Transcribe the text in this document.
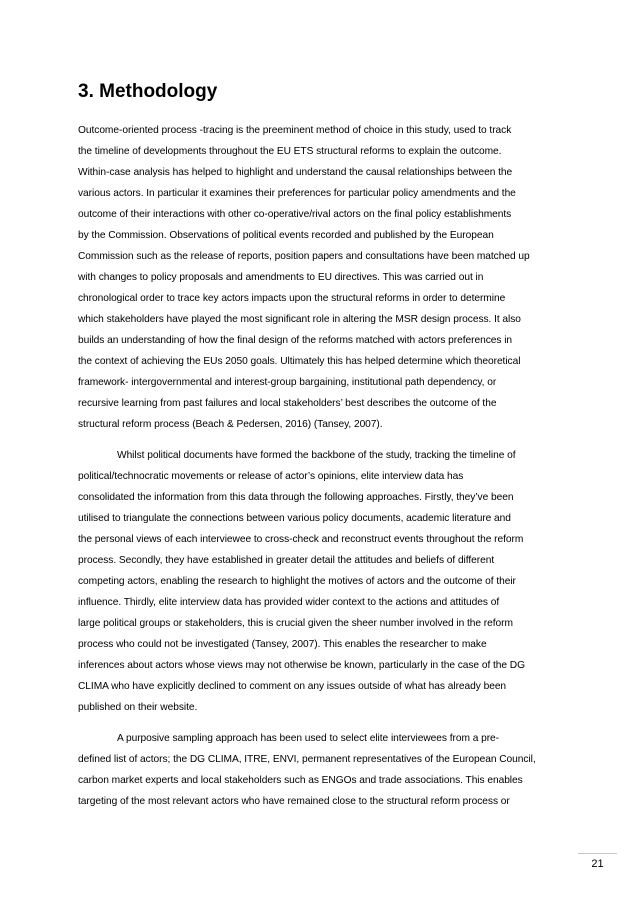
3. Methodology
Outcome-oriented process -tracing is the preeminent method of choice in this study, used to track
the timeline of developments throughout the EU ETS structural reforms to explain the outcome.
Within-case analysis has helped to highlight and understand the causal relationships between the
various actors. In particular it examines their preferences for particular policy amendments and the
outcome of their interactions with other co-operative/rival actors on the final policy establishments
by the Commission. Observations of political events recorded and published by the European
Commission such as the release of reports, position papers and consultations have been matched up
with changes to policy proposals and amendments to EU directives. This was carried out in
chronological order to trace key actors impacts upon the structural reforms in order to determine
which stakeholders have played the most significant role in altering the MSR design process. It also
builds an understanding of how the final design of the reforms matched with actors preferences in
the context of achieving the EUs 2050 goals. Ultimately this has helped determine which theoretical
framework- intergovernmental and interest-group bargaining, institutional path dependency, or
recursive learning from past failures and local stakeholders’ best describes the outcome of the
structural reform process (Beach & Pedersen, 2016) (Tansey, 2007).
Whilst political documents have formed the backbone of the study, tracking the timeline of
political/technocratic movements or release of actor’s opinions, elite interview data has
consolidated the information from this data through the following approaches. Firstly, they’ve been
utilised to triangulate the connections between various policy documents, academic literature and
the personal views of each interviewee to cross-check and reconstruct events throughout the reform
process. Secondly, they have established in greater detail the attitudes and beliefs of different
competing actors, enabling the research to highlight the motives of actors and the outcome of their
influence. Thirdly, elite interview data has provided wider context to the actions and attitudes of
large political groups or stakeholders, this is crucial given the sheer number involved in the reform
process who could not be investigated (Tansey, 2007). This enables the researcher to make
inferences about actors whose views may not otherwise be known, particularly in the case of the DG
CLIMA who have explicitly declined to comment on any issues outside of what has already been
published on their website.
A purposive sampling approach has been used to select elite interviewees from a pre-
defined list of actors; the DG CLIMA, ITRE, ENVI, permanent representatives of the European Council,
carbon market experts and local stakeholders such as ENGOs and trade associations. This enables
targeting of the most relevant actors who have remained close to the structural reform process or
21
